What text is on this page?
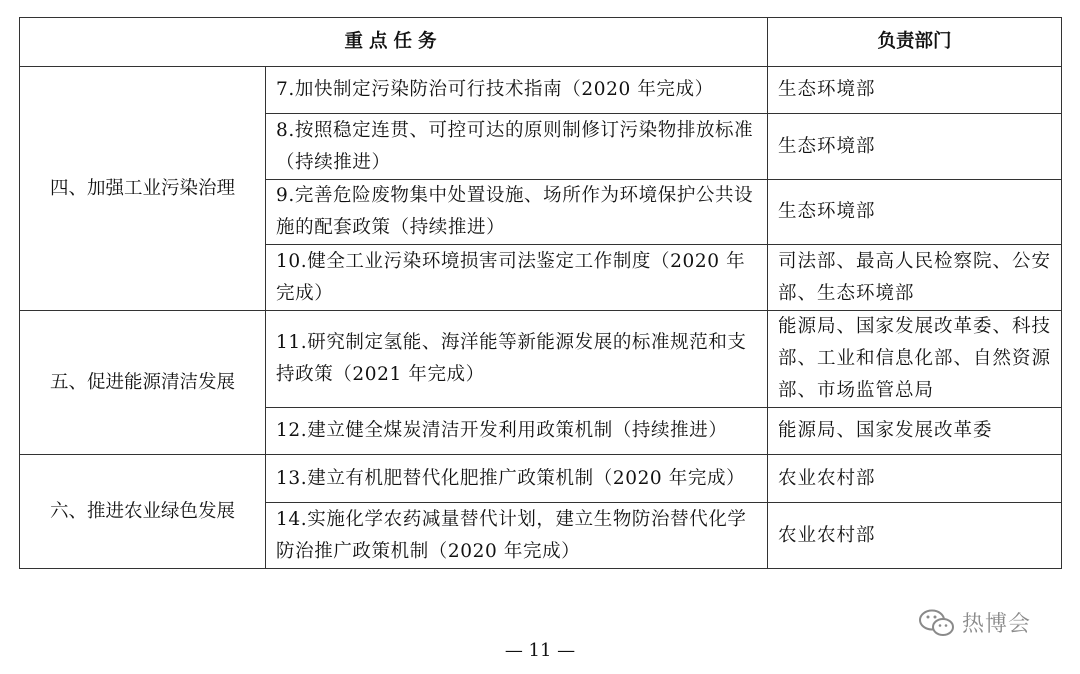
重点任务		负责部门
四、加强工业污染治理	7.加快制定污染防治可行技术指南（2020 年完成）	生态环境部
	8.按照稳定连贯、可控可达的原则制修订污染物排放标准（持续推进）	生态环境部
	9.完善危险废物集中处置设施、场所作为环境保护公共设施的配套政策（持续推进）	生态环境部
	10.健全工业污染环境损害司法鉴定工作制度（2020 年完成）	司法部、最高人民检察院、公安部、生态环境部
五、促进能源清洁发展	11.研究制定氢能、海洋能等新能源发展的标准规范和支持政策（2021 年完成）	能源局、国家发展改革委、科技部、工业和信息化部、自然资源部、市场监管总局
	12.建立健全煤炭清洁开发利用政策机制（持续推进）	能源局、国家发展改革委
六、推进农业绿色发展	13.建立有机肥替代化肥推广政策机制（2020 年完成）	农业农村部
	14.实施化学农药减量替代计划，建立生物防治替代化学防治推广政策机制（2020 年完成）	农业农村部
热博会
— 11 —
